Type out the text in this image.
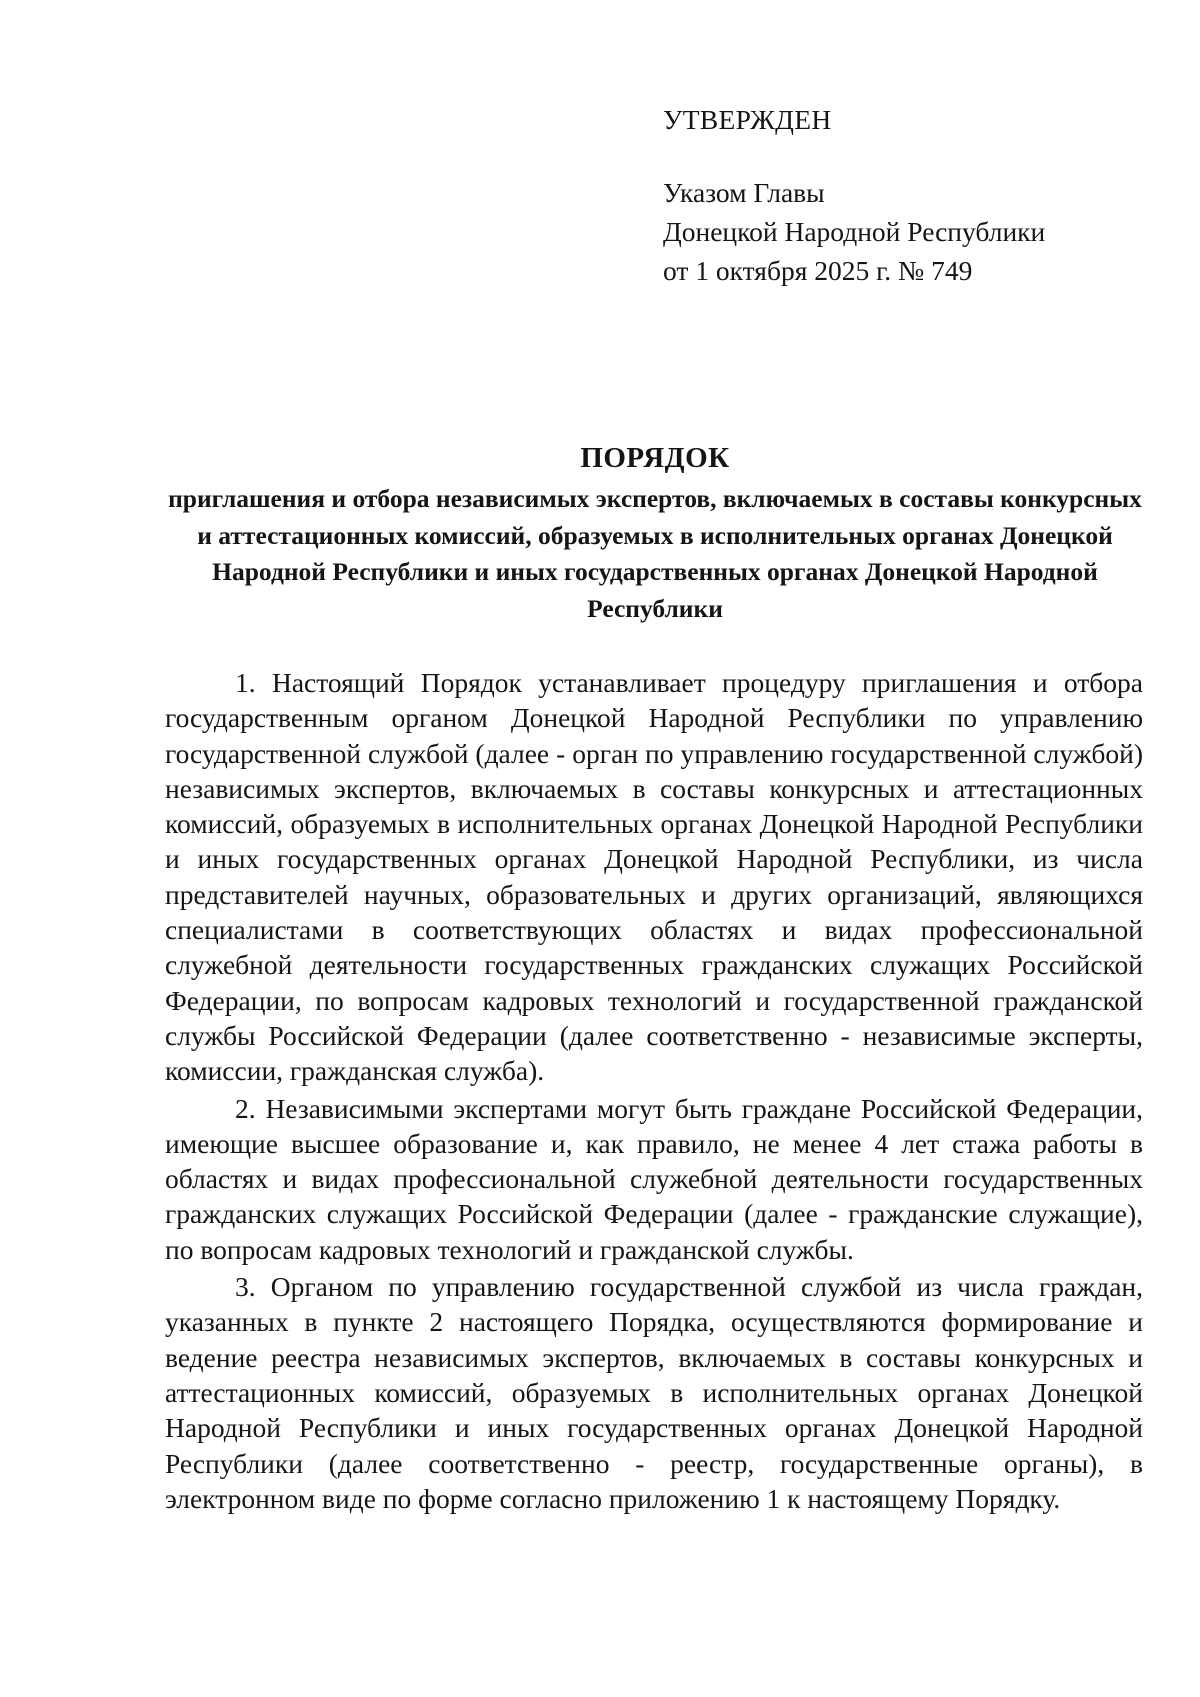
УТВЕРЖДЕН
Указом Главы
Донецкой Народной Республики
от 1 октября 2025 г. № 749
ПОРЯДОК
приглашения и отбора независимых экспертов, включаемых в составы конкурсных и аттестационных комиссий, образуемых в исполнительных органах Донецкой Народной Республики и иных государственных органах Донецкой Народной Республики

1. Настоящий Порядок устанавливает процедуру приглашения и отбора государственным органом Донецкой Народной Республики по управлению государственной службой (далее - орган по управлению государственной службой) независимых экспертов, включаемых в составы конкурсных и аттестационных комиссий, образуемых в исполнительных органах Донецкой Народной Республики и иных государственных органах Донецкой Народной Республики, из числа представителей научных, образовательных и других организаций, являющихся специалистами в соответствующих областях и видах профессиональной служебной деятельности государственных гражданских служащих Российской Федерации, по вопросам кадровых технологий и государственной гражданской службы Российской Федерации (далее соответственно - независимые эксперты, комиссии, гражданская служба).

2. Независимыми экспертами могут быть граждане Российской Федерации, имеющие высшее образование и, как правило, не менее 4 лет стажа работы в областях и видах профессиональной служебной деятельности государственных гражданских служащих Российской Федерации (далее - гражданские служащие), по вопросам кадровых технологий и гражданской службы.

3. Органом по управлению государственной службой из числа граждан, указанных в пункте 2 настоящего Порядка, осуществляются формирование и ведение реестра независимых экспертов, включаемых в составы конкурсных и аттестационных комиссий, образуемых в исполнительных органах Донецкой Народной Республики и иных государственных органах Донецкой Народной Республики (далее соответственно - реестр, государственные органы), в электронном виде по форме согласно приложению 1 к настоящему Порядку.
